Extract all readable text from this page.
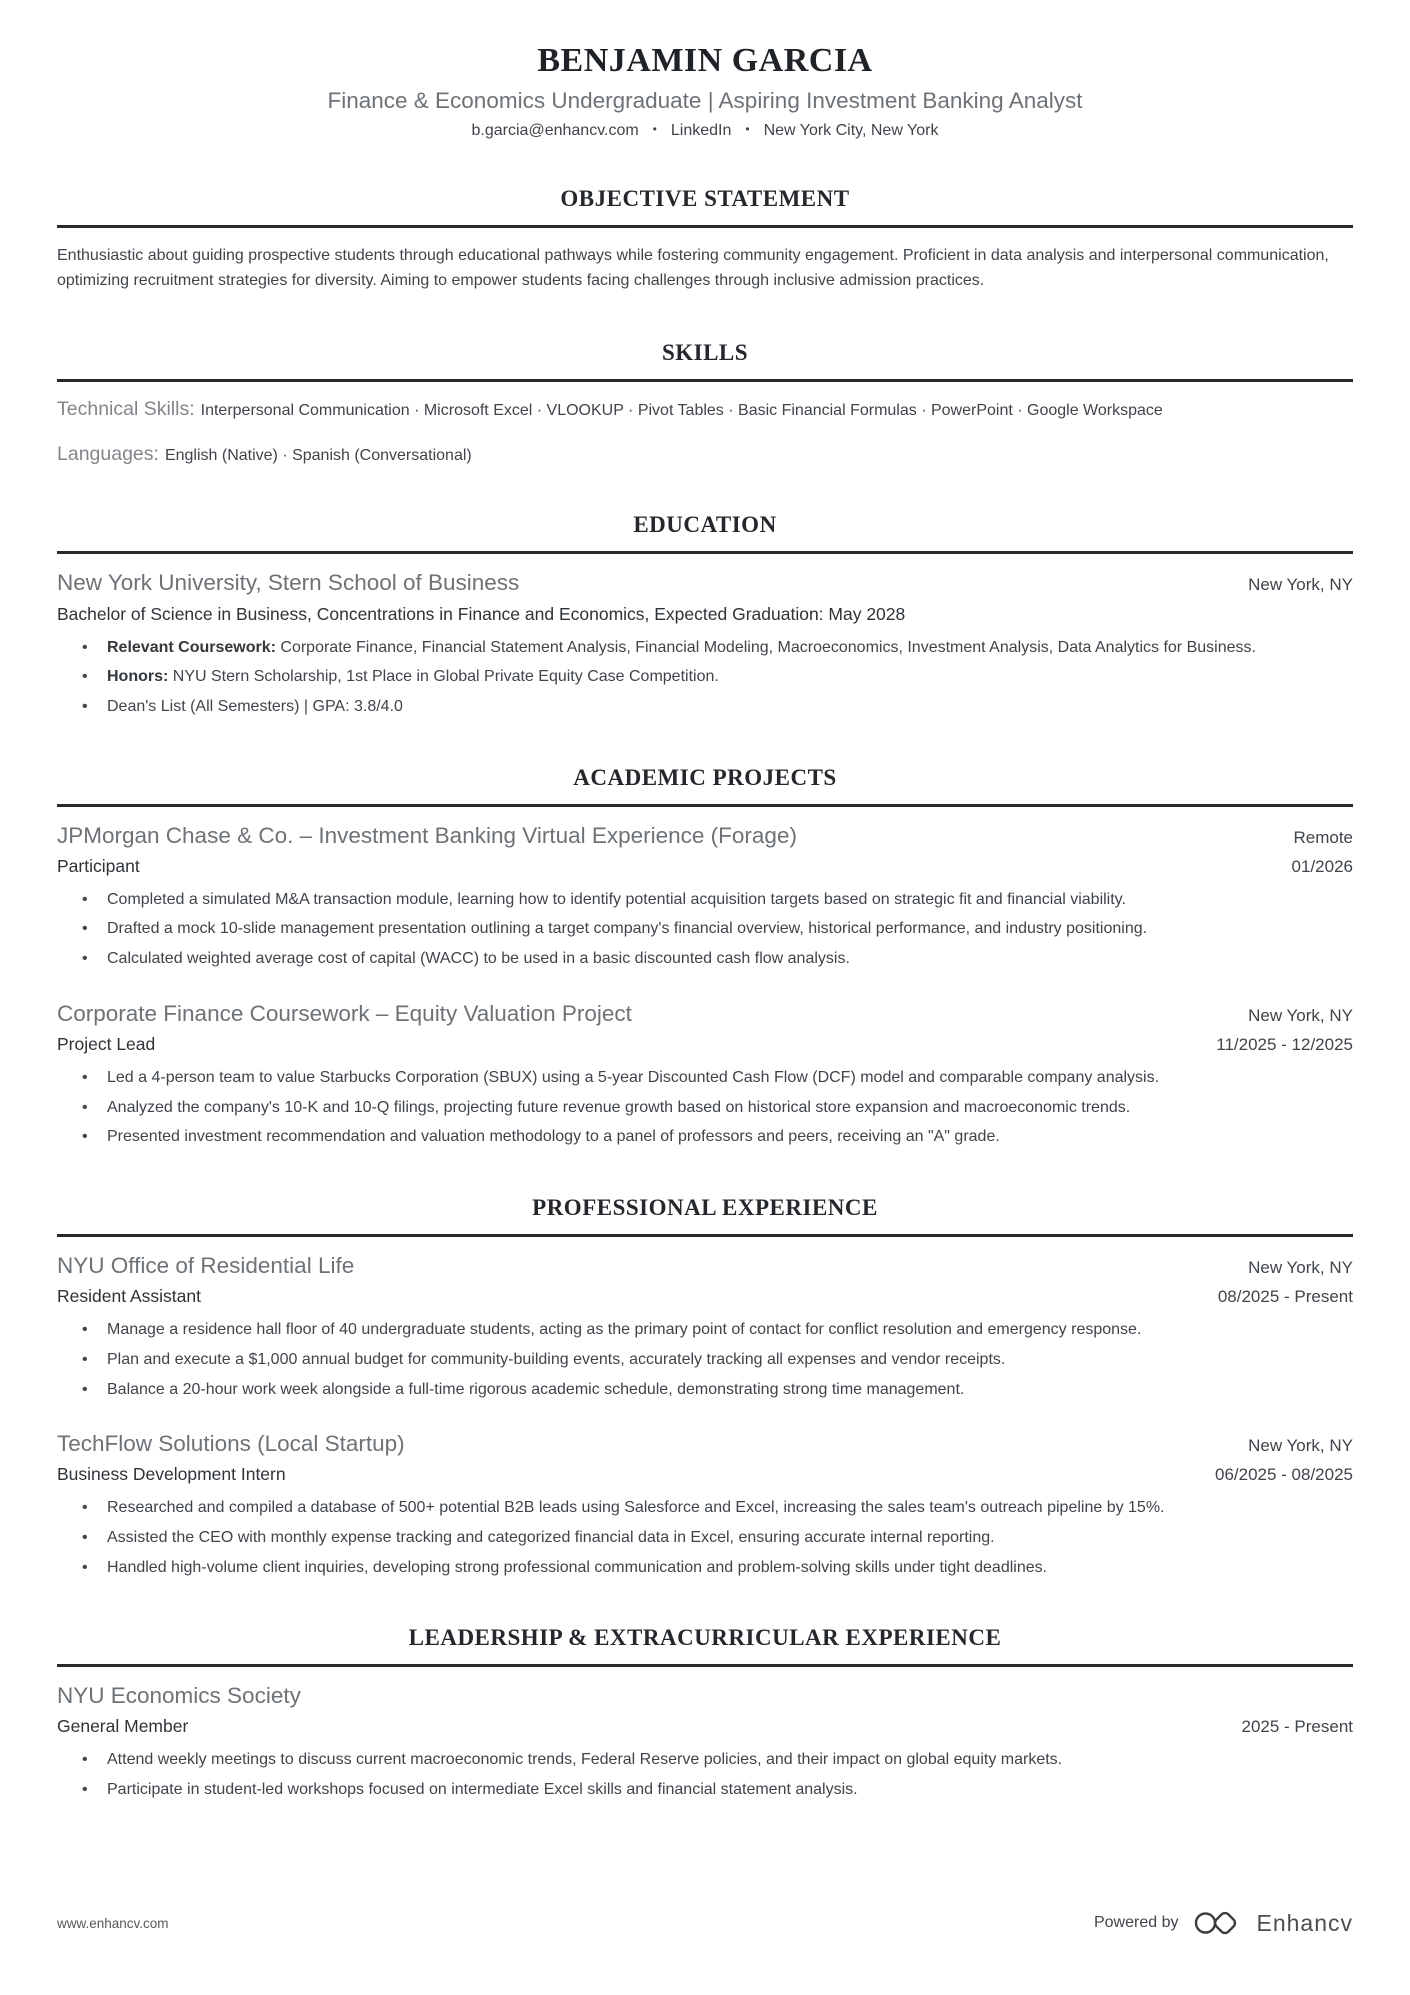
BENJAMIN GARCIA
Finance & Economics Undergraduate | Aspiring Investment Banking Analyst
b.garcia@enhancv.com • LinkedIn • New York City, New York
OBJECTIVE STATEMENT

Enthusiastic about guiding prospective students through educational pathways while fostering community engagement. Proficient in data analysis and interpersonal communication, optimizing recruitment strategies for diversity. Aiming to empower students facing challenges through inclusive admission practices.

SKILLS
Technical Skills: Interpersonal Communication · Microsoft Excel · VLOOKUP · Pivot Tables · Basic Financial Formulas · PowerPoint · Google Workspace
Languages: English (Native) · Spanish (Conversational)
EDUCATION
New York University, Stern School of Business	New York, NY
Bachelor of Science in Business, Concentrations in Finance and Economics, Expected Graduation: May 2028
• Relevant Coursework: Corporate Finance, Financial Statement Analysis, Financial Modeling, Macroeconomics, Investment Analysis, Data Analytics for Business.
• Honors: NYU Stern Scholarship, 1st Place in Global Private Equity Case Competition.
• Dean's List (All Semesters) | GPA: 3.8/4.0
ACADEMIC PROJECTS
JPMorgan Chase & Co. – Investment Banking Virtual Experience (Forage)	Remote
Participant	01/2026
• Completed a simulated M&A transaction module, learning how to identify potential acquisition targets based on strategic fit and financial viability.
• Drafted a mock 10-slide management presentation outlining a target company's financial overview, historical performance, and industry positioning.
• Calculated weighted average cost of capital (WACC) to be used in a basic discounted cash flow analysis.
Corporate Finance Coursework – Equity Valuation Project	New York, NY
Project Lead	11/2025 - 12/2025
• Led a 4-person team to value Starbucks Corporation (SBUX) using a 5-year Discounted Cash Flow (DCF) model and comparable company analysis.
• Analyzed the company's 10-K and 10-Q filings, projecting future revenue growth based on historical store expansion and macroeconomic trends.
• Presented investment recommendation and valuation methodology to a panel of professors and peers, receiving an "A" grade.
PROFESSIONAL EXPERIENCE
NYU Office of Residential Life	New York, NY
Resident Assistant	08/2025 - Present
• Manage a residence hall floor of 40 undergraduate students, acting as the primary point of contact for conflict resolution and emergency response.
• Plan and execute a $1,000 annual budget for community-building events, accurately tracking all expenses and vendor receipts.
• Balance a 20-hour work week alongside a full-time rigorous academic schedule, demonstrating strong time management.
TechFlow Solutions (Local Startup)	New York, NY
Business Development Intern	06/2025 - 08/2025
• Researched and compiled a database of 500+ potential B2B leads using Salesforce and Excel, increasing the sales team's outreach pipeline by 15%.
• Assisted the CEO with monthly expense tracking and categorized financial data in Excel, ensuring accurate internal reporting.
• Handled high-volume client inquiries, developing strong professional communication and problem-solving skills under tight deadlines.
LEADERSHIP & EXTRACURRICULAR EXPERIENCE
NYU Economics Society
General Member	2025 - Present
• Attend weekly meetings to discuss current macroeconomic trends, Federal Reserve policies, and their impact on global equity markets.
• Participate in student-led workshops focused on intermediate Excel skills and financial statement analysis.
www.enhancv.com	Powered by	Enhancv
